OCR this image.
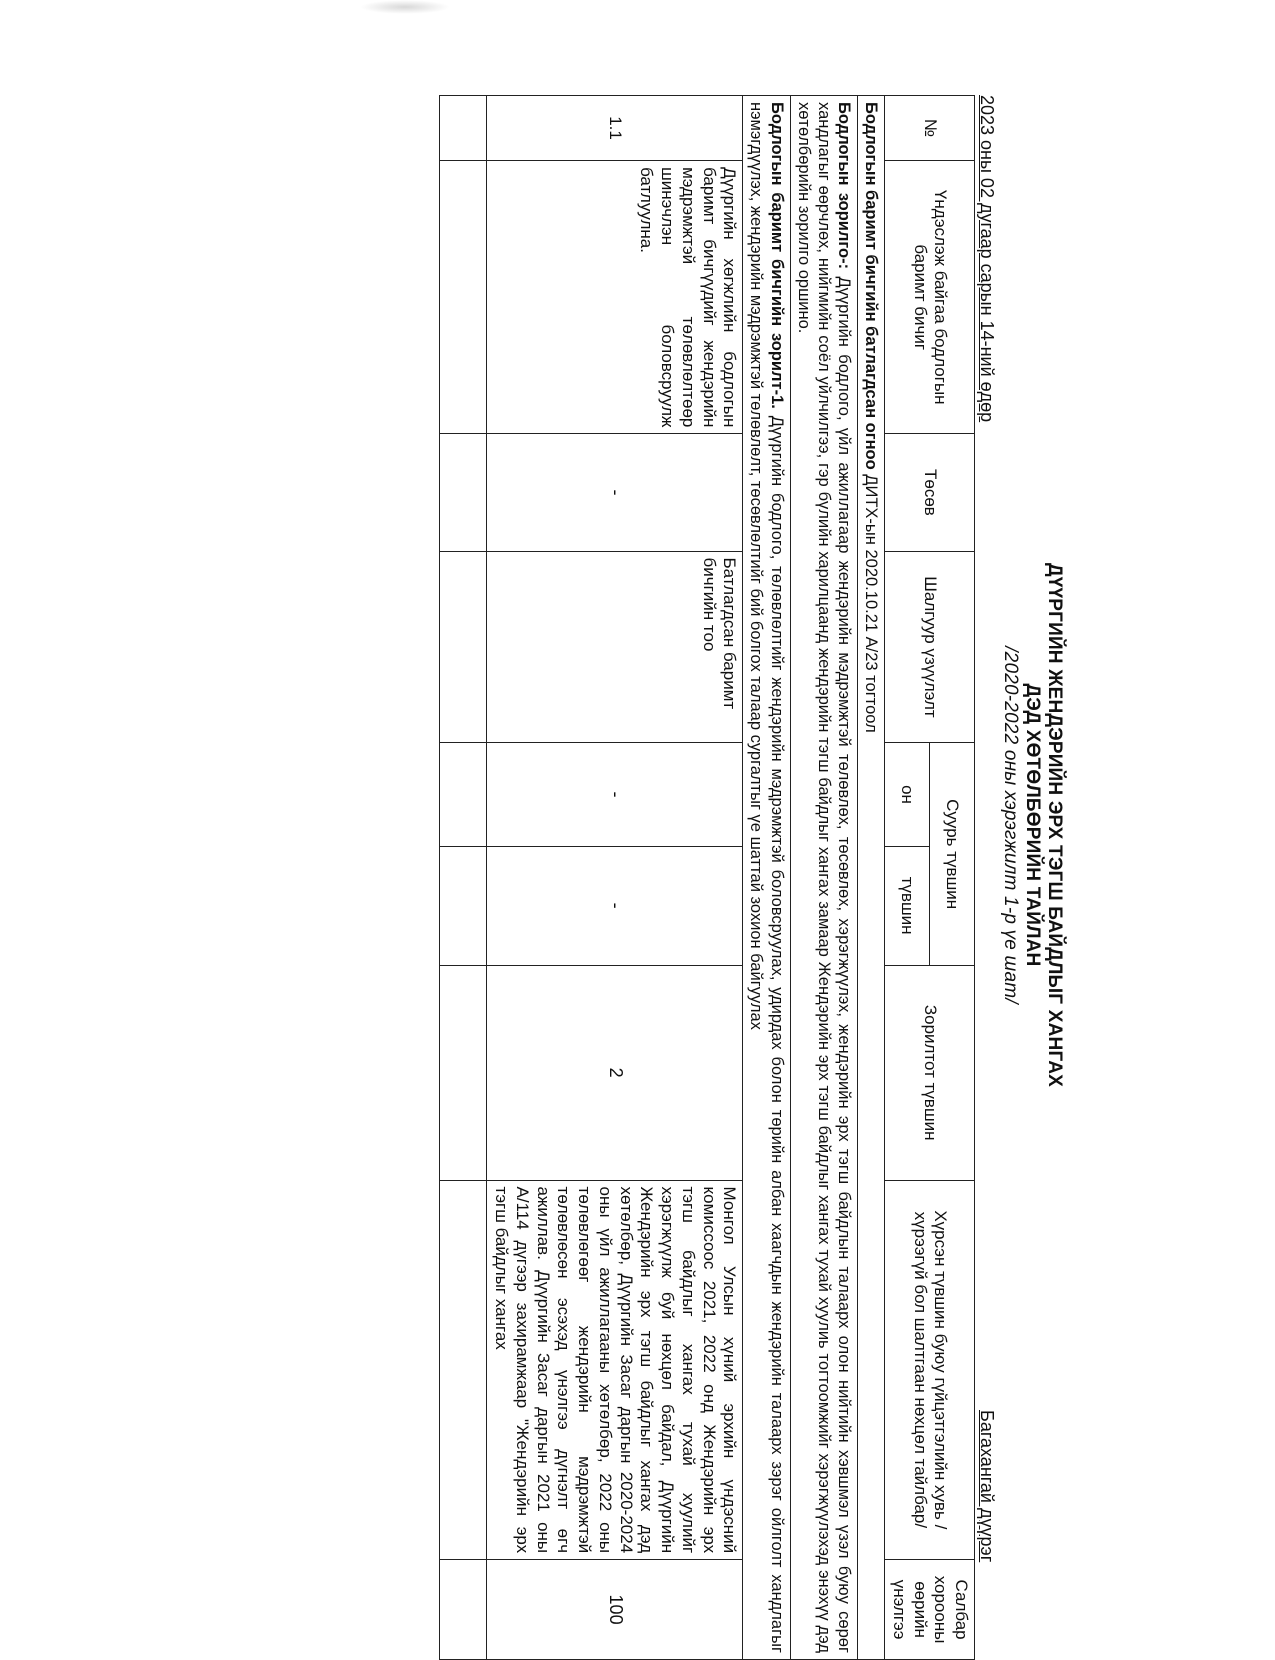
ДҮҮРГИЙН ЖЕНДЭРИЙН ЭРХ ТЭГШ БАЙДЛЫГ ХАНГАХ
ДЭД ХӨТӨЛБӨРИЙН ТАЙЛАН
/2020-2022 оны хэрэгжилт 1-р үе шат/
2023 оны 02 дугаар сарын 14-ний өдөр
Багахангай дүүрэг
№	Үндэслэж байгаа бодлогын баримт бичиг	Төсөв	Шалгуур үзүүлэлт	Суурь түвшин		Зорилтот түвшин	Хүрсэн түвшин буюу гүйцэтгэлийн хувь /хүрээгүй бол шалтгаан нөхцөл тайлбар/	Салбар хорооны өөрийн үнэлгээ
				он	түвшин			
Бодлогын баримт бичгийн батлагдсан огноо ДИТХ-ын 2020.10.21 А/23 тогтоол								
Бодлогын зорилго-: Дүүргийн бодлого, үйл ажиллагаар жендэрийн мэдрэмжтэй төлөвлөх, төсөвлөх, хэрэгжүүлэх, жендэрийн эрх тэгш байдлын талаарх олон нийтийн хэвшмэл үзэл буюу сөрөг хандлагыг өөрчлөх, нийгмийн соёл уйлчилгээ, гэр бүлийн харилцаанд жендэрийн тэгш байдлыг хангах замаар Жендэрийн эрх тэгш байдлыг хангах тухай хуулиь тогтоомжийг хэрэгжүүлэхэд энэхүү дэд хөтөлбөрийн зорилго оршино.								
Бодлогын баримт бичгийн зорилт-1. Дүүргийн бодлого, төлөвлөлтийг жендэрийн мэдрэмжтэй боловсруулах, удирдах болон төрийн албан хаагчдын жендэрийн талаарх зэрэг ойлголт хандлагыг нэмэгдүүлэх, жендэрийн мэдрэмжтэй төлөвлөлт, төсөвлөлтийг бий болгох талаар сургалтыг үе шаттай зохион байгуулах								
1.1	Дүүргийн хөгжлийн бодлогын баримт бичгүүдийг жендэрийн мэдрэмжтэй төлөвлөлтөөр шинэчлэн боловсруулж батлуулна.	-	Батлагдсан баримт бичгийн тоо	-	-	2	Монгол Улсын хүний эрхийн үндэсний комиссоос 2021, 2022 онд Жендэрийн эрх тэгш байдлыг хангах тухай хуулийг хэрэгжүүлж буй нөхцөл байдал, Дүүргийн Жендэрийн эрх тэгш байдлыг хангах дэд хөтөлбөр, Дүүргийн Засаг даргын 2020-2024 оны үйл ажиллагааны хөтөлбөр, 2022 оны төлөвлөгөөг жендэрийн мэдрэмжтэй төлөвлөсөн эсэхэд үнэлгээ дүгнэлт өгч ажиллав. Дүүргийн Засаг даргын 2021 оны А/114 дүгээр захирамжаар "Жендэрийн эрх тэгш байдлыг хангах	100
